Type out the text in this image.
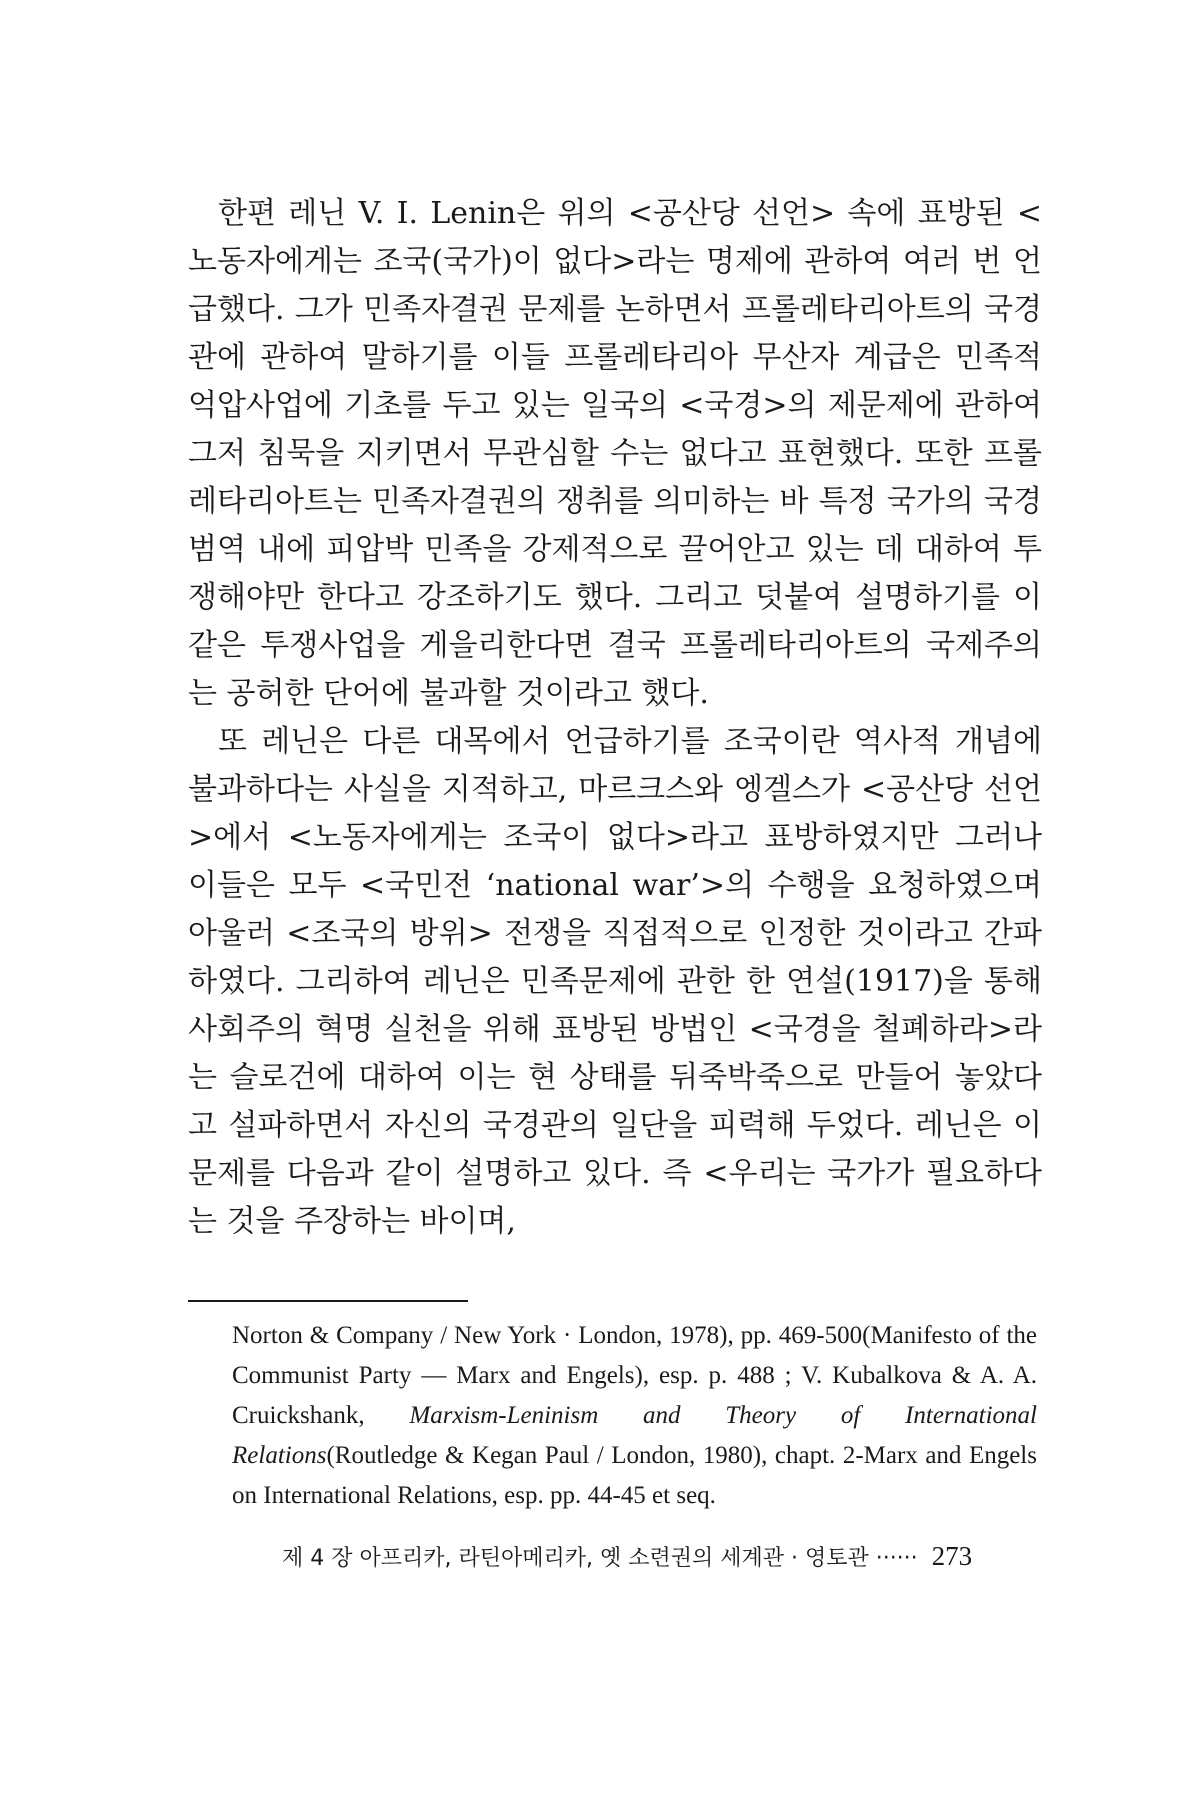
한편 레닌 V. I. Lenin은 위의 <공산당 선언> 속에 표방된 <노동자에게는 조국(국가)이 없다>라는 명제에 관하여 여러 번 언급했다. 그가 민족자결권 문제를 논하면서 프롤레타리아트의 국경관에 관하여 말하기를 이들 프롤레타리아 무산자 계급은 민족적 억압사업에 기초를 두고 있는 일국의 <국경>의 제문제에 관하여 그저 침묵을 지키면서 무관심할 수는 없다고 표현했다. 또한 프롤레타리아트는 민족자결권의 쟁취를 의미하는 바 특정 국가의 국경범역 내에 피압박 민족을 강제적으로 끌어안고 있는 데 대하여 투쟁해야만 한다고 강조하기도 했다. 그리고 덧붙여 설명하기를 이같은 투쟁사업을 게을리한다면 결국 프롤레타리아트의 국제주의는 공허한 단어에 불과할 것이라고 했다.

또 레닌은 다른 대목에서 언급하기를 조국이란 역사적 개념에 불과하다는 사실을 지적하고, 마르크스와 엥겔스가 <공산당 선언>에서 <노동자에게는 조국이 없다>라고 표방하였지만 그러나 이들은 모두 <국민전 ‘national war’>의 수행을 요청하였으며 아울러 <조국의 방위> 전쟁을 직접적으로 인정한 것이라고 간파하였다. 그리하여 레닌은 민족문제에 관한 한 연설(1917)을 통해 사회주의 혁명 실천을 위해 표방된 방법인 <국경을 철폐하라>라는 슬로건에 대하여 이는 현 상태를 뒤죽박죽으로 만들어 놓았다고 설파하면서 자신의 국경관의 일단을 피력해 두었다. 레닌은 이 문제를 다음과 같이 설명하고 있다. 즉 <우리는 국가가 필요하다는 것을 주장하는 바이며,

Norton & Company / New York · London, 1978), pp. 469-500(Manifesto of the Communist Party — Marx and Engels), esp. p. 488 ; V. Kubalkova & A. A. Cruickshank, Marxism-Leninism and Theory of International Relations(Routledge & Kegan Paul / London, 1980), chapt. 2-Marx and Engels on International Relations, esp. pp. 44-45 et seq.

제 4 장 아프리카, 라틴아메리카, 옛 소련권의 세계관 · 영토관 ······ 273
